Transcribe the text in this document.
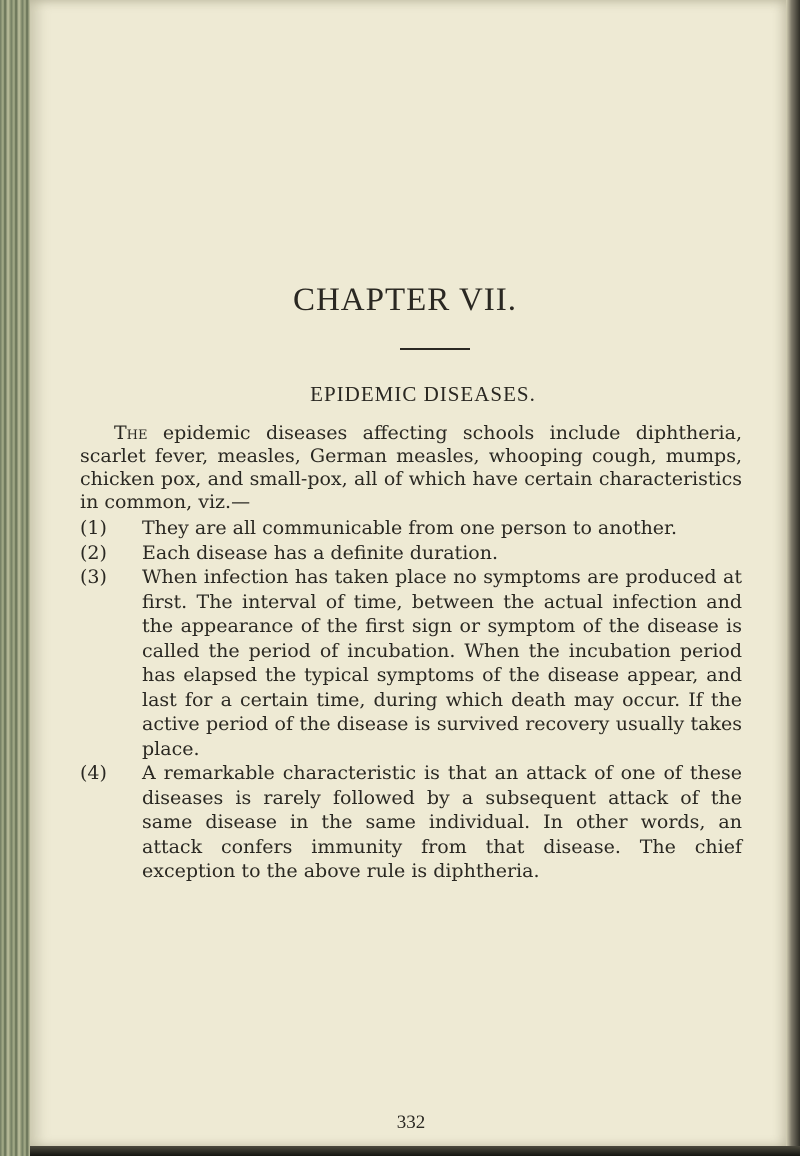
CHAPTER VII.
EPIDEMIC DISEASES.

The epidemic diseases affecting schools include diphtheria, scarlet fever, measles, German measles, whooping cough, mumps, chicken pox, and small-pox, all of which have certain characteristics in common, viz.—

(1) They are all communicable from one person to another.
(2) Each disease has a definite duration.
(3) When infection has taken place no symptoms are produced at first. The interval of time, between the actual infection and the appearance of the first sign or symptom of the disease is called the period of incubation. When the incubation period has elapsed the typical symptoms of the disease appear, and last for a certain time, during which death may occur. If the active period of the disease is survived recovery usually takes place.
(4) A remarkable characteristic is that an attack of one of these diseases is rarely followed by a subsequent attack of the same disease in the same individual. In other words, an attack confers immunity from that disease. The chief exception to the above rule is diphtheria.
332
